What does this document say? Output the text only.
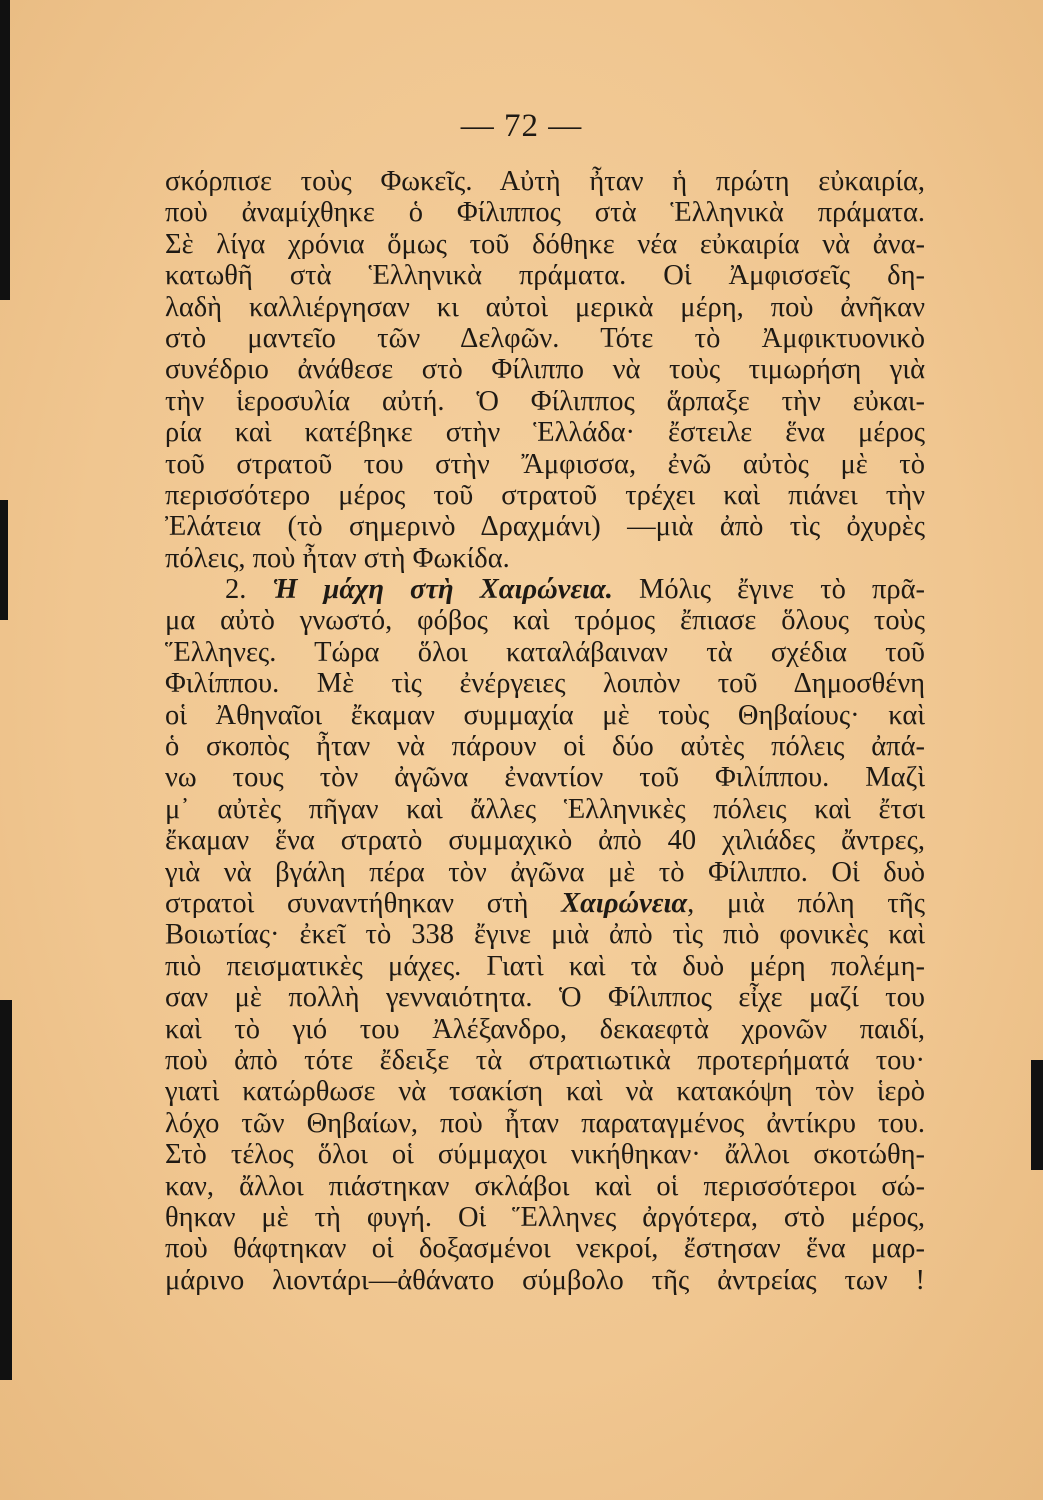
— 72 —
σκόρπισε τοὺς Φωκεῖς. Αὐτὴ ἦταν ἡ πρώτη εὐκαιρία,
ποὺ ἀναμίχθηκε ὁ Φίλιππος στὰ Ἑλληνικὰ πράματα.
Σὲ λίγα χρόνια ὅμως τοῦ δόθηκε νέα εὐκαιρία νὰ ἀνα-
κατωθῆ στὰ Ἑλληνικὰ πράματα. Οἱ Ἀμφισσεῖς δη-
λαδὴ καλλιέργησαν κι αὐτοὶ μερικὰ μέρη, ποὺ ἀνῆκαν
στὸ μαντεῖο τῶν Δελφῶν. Τότε τὸ Ἀμφικτυονικὸ
συνέδριο ἀνάθεσε στὸ Φίλιππο νὰ τοὺς τιμωρήση γιὰ
τὴν ἱεροσυλία αὐτή. Ὁ Φίλιππος ἅρπαξε τὴν εὐκαι-
ρία καὶ κατέβηκε στὴν Ἑλλάδα· ἔστειλε ἕνα μέρος
τοῦ στρατοῦ του στὴν Ἄμφισσα, ἐνῶ αὐτὸς μὲ τὸ
περισσότερο μέρος τοῦ στρατοῦ τρέχει καὶ πιάνει τὴν
Ἐλάτεια (τὸ σημερινὸ Δραχμάνι) —μιὰ ἀπὸ τὶς ὀχυρὲς
πόλεις, ποὺ ἦταν στὴ Φωκίδα.
2. Ἡ μάχη στὴ Χαιρώνεια. Μόλις ἔγινε τὸ πρᾶ-
μα αὐτὸ γνωστό, φόβος καὶ τρόμος ἔπιασε ὅλους τοὺς
Ἕλληνες. Τώρα ὅλοι καταλάβαιναν τὰ σχέδια τοῦ
Φιλίππου. Μὲ τὶς ἐνέργειες λοιπὸν τοῦ Δημοσθένη
οἱ Ἀθηναῖοι ἔκαμαν συμμαχία μὲ τοὺς Θηβαίους· καὶ
ὁ σκοπὸς ἦταν νὰ πάρουν οἱ δύο αὐτὲς πόλεις ἀπά-
νω τους τὸν ἀγῶνα ἐναντίον τοῦ Φιλίππου. Μαζὶ
μ᾿ αὐτὲς πῆγαν καὶ ἄλλες Ἑλληνικὲς πόλεις καὶ ἔτσι
ἔκαμαν ἕνα στρατὸ συμμαχικὸ ἀπὸ 40 χιλιάδες ἄντρες,
γιὰ νὰ βγάλη πέρα τὸν ἀγῶνα μὲ τὸ Φίλιππο. Οἱ δυὸ
στρατοὶ συναντήθηκαν στὴ Χαιρώνεια, μιὰ πόλη τῆς
Βοιωτίας· ἐκεῖ τὸ 338 ἔγινε μιὰ ἀπὸ τὶς πιὸ φονικὲς καὶ
πιὸ πεισματικὲς μάχες. Γιατὶ καὶ τὰ δυὸ μέρη πολέμη-
σαν μὲ πολλὴ γενναιότητα. Ὁ Φίλιππος εἶχε μαζί του
καὶ τὸ γιό του Ἀλέξανδρο, δεκαεφτὰ χρονῶν παιδί,
ποὺ ἀπὸ τότε ἔδειξε τὰ στρατιωτικὰ προτερήματά του·
γιατὶ κατώρθωσε νὰ τσακίση καὶ νὰ κατακόψη τὸν ἱερὸ
λόχο τῶν Θηβαίων, ποὺ ἦταν παραταγμένος ἀντίκρυ του.
Στὸ τέλος ὅλοι οἱ σύμμαχοι νικήθηκαν· ἄλλοι σκοτώθη-
καν, ἄλλοι πιάστηκαν σκλάβοι καὶ οἱ περισσότεροι σώ-
θηκαν μὲ τὴ φυγή. Οἱ Ἕλληνες ἀργότερα, στὸ μέρος,
ποὺ θάφτηκαν οἱ δοξασμένοι νεκροί, ἔστησαν ἕνα μαρ-
μάρινο λιοντάρι—ἀθάνατο σύμβολο τῆς ἀντρείας των !
